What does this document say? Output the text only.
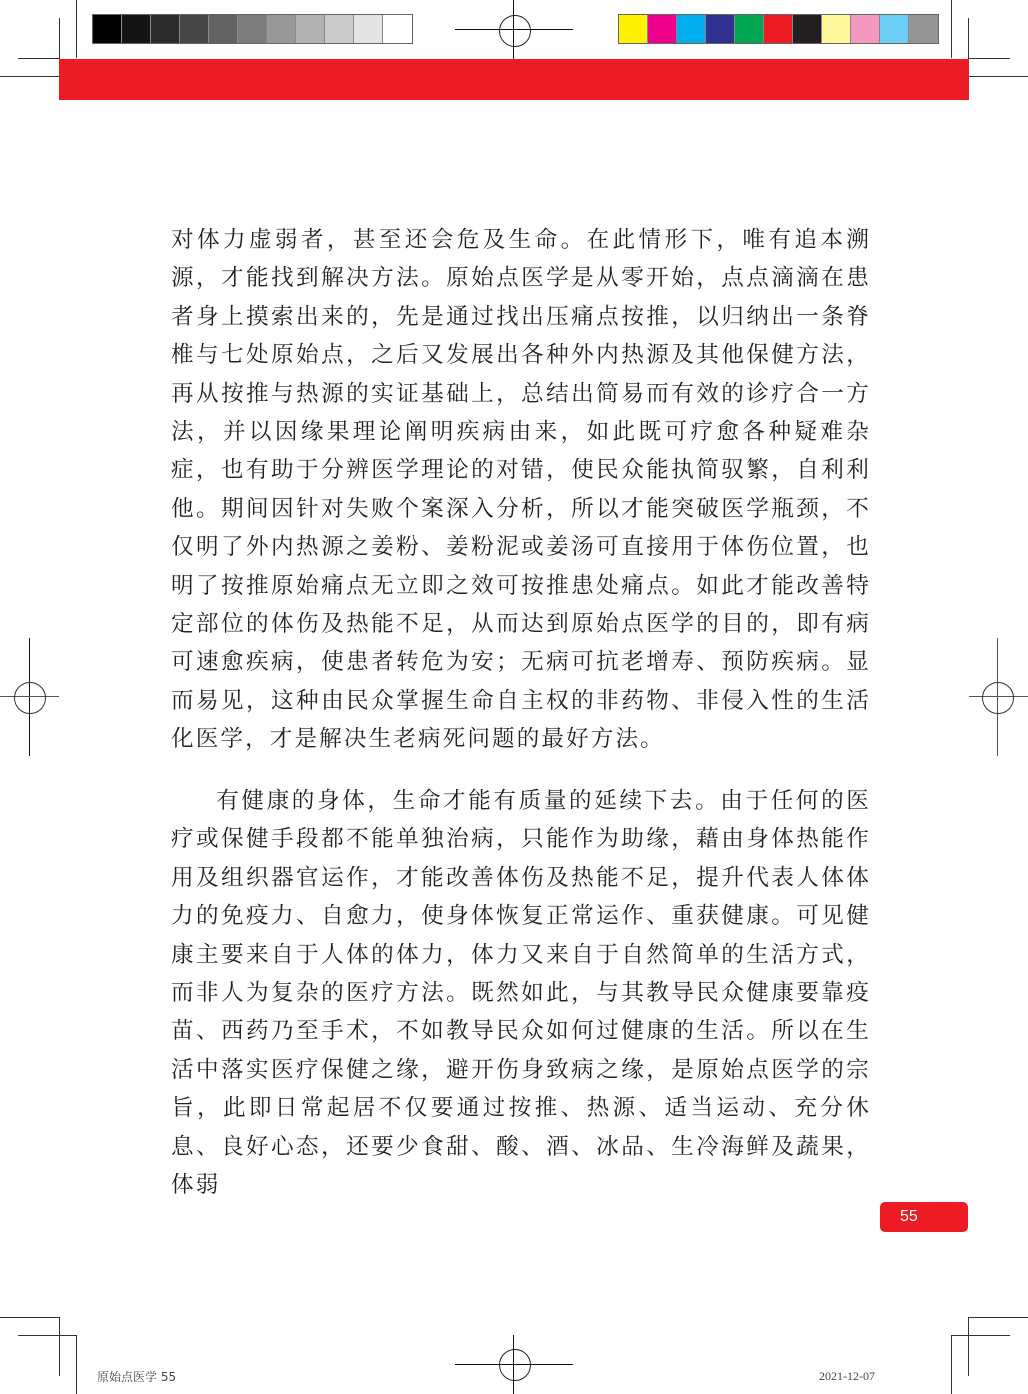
对体力虚弱者，甚至还会危及生命。在此情形下，唯有追本溯源，才能找到解决方法。原始点医学是从零开始，点点滴滴在患者身上摸索出来的，先是通过找出压痛点按推，以归纳出一条脊椎与七处原始点，之后又发展出各种外内热源及其他保健方法，再从按推与热源的实证基础上，总结出简易而有效的诊疗合一方法，并以因缘果理论阐明疾病由来，如此既可疗愈各种疑难杂症，也有助于分辨医学理论的对错，使民众能执简驭繁，自利利他。期间因针对失败个案深入分析，所以才能突破医学瓶颈，不仅明了外内热源之姜粉、姜粉泥或姜汤可直接用于体伤位置，也明了按推原始痛点无立即之效可按推患处痛点。如此才能改善特定部位的体伤及热能不足，从而达到原始点医学的目的，即有病可速愈疾病，使患者转危为安；无病可抗老增寿、预防疾病。显而易见，这种由民众掌握生命自主权的非药物、非侵入性的生活化医学，才是解决生老病死问题的最好方法。

有健康的身体，生命才能有质量的延续下去。由于任何的医疗或保健手段都不能单独治病，只能作为助缘，藉由身体热能作用及组织器官运作，才能改善体伤及热能不足，提升代表人体体力的免疫力、自愈力，使身体恢复正常运作、重获健康。可见健康主要来自于人体的体力，体力又来自于自然简单的生活方式，而非人为复杂的医疗方法。既然如此，与其教导民众健康要靠疫苗、西药乃至手术，不如教导民众如何过健康的生活。所以在生活中落实医疗保健之缘，避开伤身致病之缘，是原始点医学的宗旨，此即日常起居不仅要通过按推、热源、适当运动、充分休息、良好心态，还要少食甜、酸、酒、冰品、生冷海鲜及蔬果，体弱

55
原始点医学 55	2021-12-07
